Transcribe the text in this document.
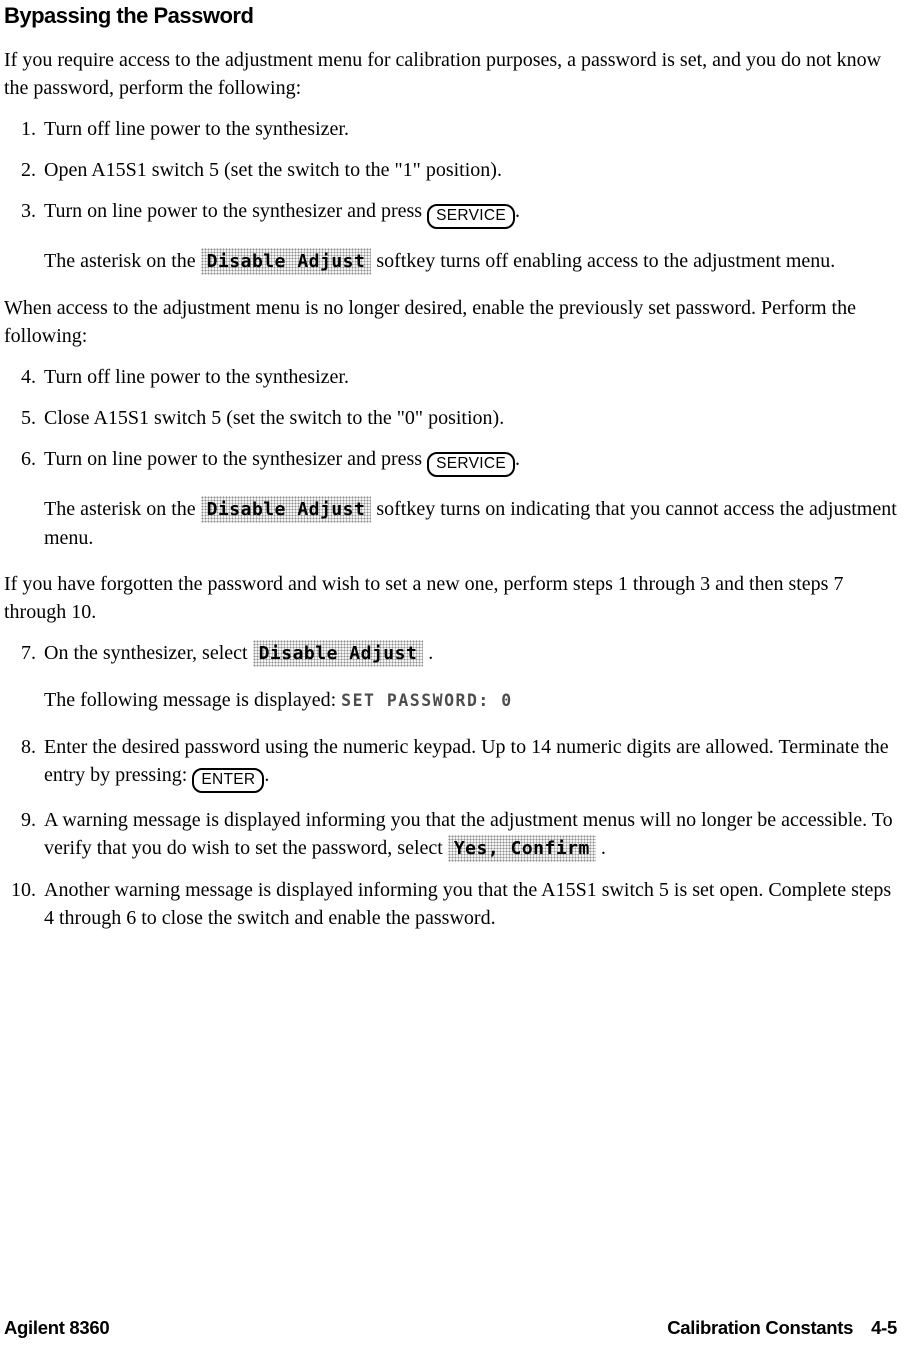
Bypassing the Password

If you require access to the adjustment menu for calibration purposes, a password is set, and you do not know the password, perform the following:

1. Turn off line power to the synthesizer.
2. Open A15S1 switch 5 (set the switch to the "1" position).
3. Turn on line power to the synthesizer and press SERVICE .
The asterisk on the Disable Adjust softkey turns off enabling access to the adjustment menu.

When access to the adjustment menu is no longer desired, enable the previously set password. Perform the following:

4. Turn off line power to the synthesizer.
5. Close A15S1 switch 5 (set the switch to the "0" position).
6. Turn on line power to the synthesizer and press SERVICE .
The asterisk on the Disable Adjust softkey turns on indicating that you cannot access the adjustment menu.

If you have forgotten the password and wish to set a new one, perform steps 1 through 3 and then steps 7 through 10.

7. On the synthesizer, select Disable Adjust .
The following message is displayed: SET PASSWORD: 0
8. Enter the desired password using the numeric keypad. Up to 14 numeric digits are allowed. Terminate the entry by pressing: ENTER .
9. A warning message is displayed informing you that the adjustment menus will no longer be accessible. To verify that you do wish to set the password, select Yes, Confirm .
10. Another warning message is displayed informing you that the A15S1 switch 5 is set open. Complete steps 4 through 6 to close the switch and enable the password.
Agilent 8360	Calibration Constants 4-5
